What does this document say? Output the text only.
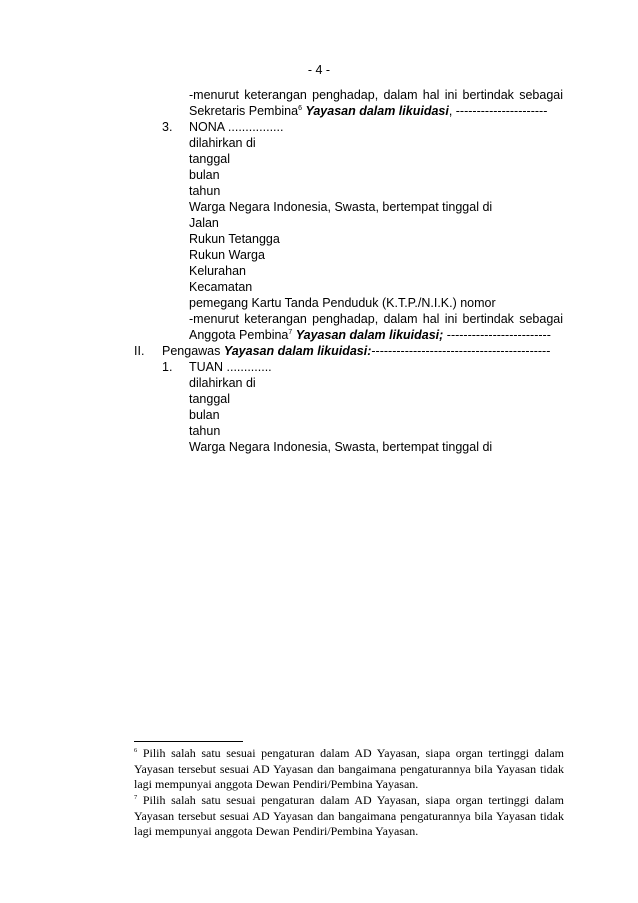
- 4 -
-menurut keterangan penghadap, dalam hal ini bertindak sebagai
Sekretaris Pembina$^6$ Yayasan dalam likuidasi, ----------------------
3. NONA ................
dilahirkan di
tanggal
bulan
tahun
Warga Negara Indonesia, Swasta, bertempat tinggal di
Jalan
Rukun Tetangga
Rukun Warga
Kelurahan
Kecamatan
pemegang Kartu Tanda Penduduk (K.T.P./N.I.K.) nomor
-menurut keterangan penghadap, dalam hal ini bertindak sebagai
Anggota Pembina$^7$ Yayasan dalam likuidasi; -------------------------
II. Pengawas Yayasan dalam likuidasi:-------------------------------------------
1. TUAN .............
dilahirkan di
tanggal
bulan
tahun
Warga Negara Indonesia, Swasta, bertempat tinggal di
$^6$ Pilih salah satu sesuai pengaturan dalam AD Yayasan, siapa organ tertinggi dalam Yayasan tersebut sesuai AD Yayasan dan bangaimana pengaturannya bila Yayasan tidak lagi mempunyai anggota Dewan Pendiri/Pembina Yayasan.
$^7$ Pilih salah satu sesuai pengaturan dalam AD Yayasan, siapa organ tertinggi dalam Yayasan tersebut sesuai AD Yayasan dan bangaimana pengaturannya bila Yayasan tidak lagi mempunyai anggota Dewan Pendiri/Pembina Yayasan.
